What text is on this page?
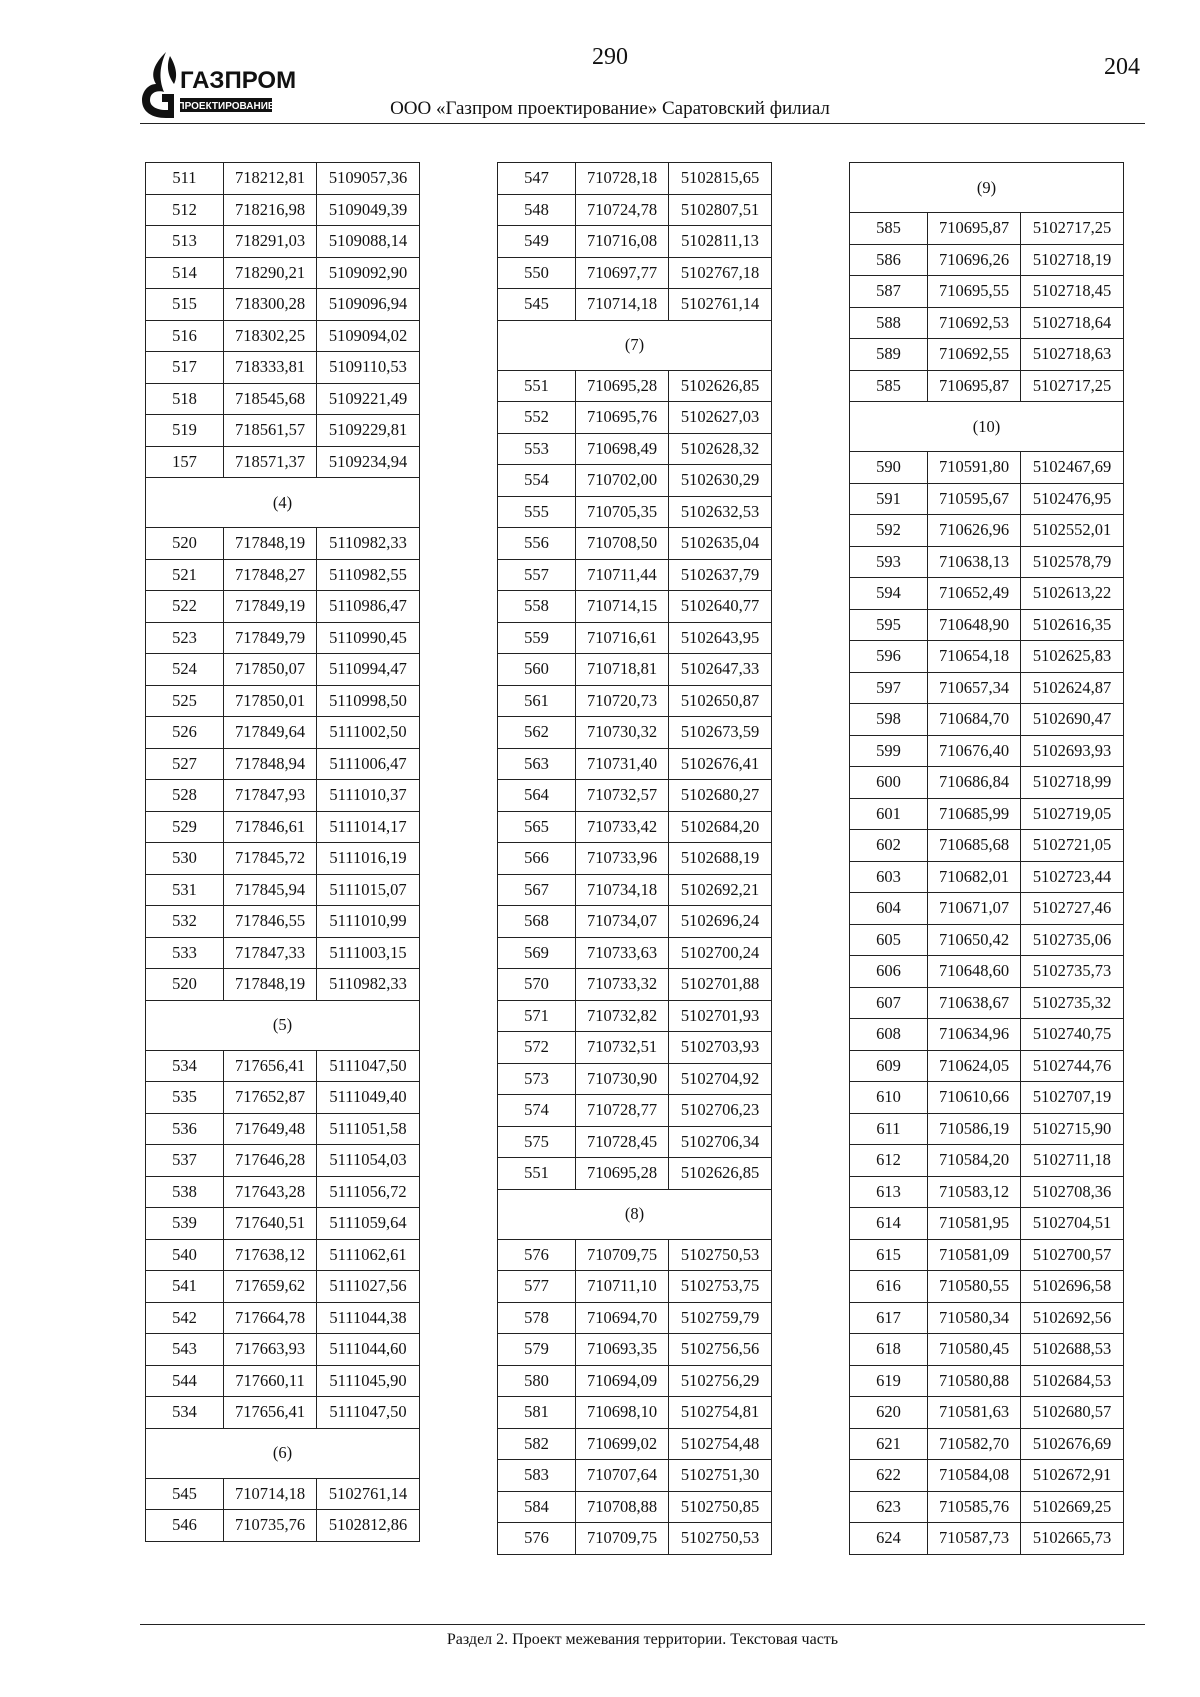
ГАЗПРОМ
ПРОЕКТИРОВАНИЕ
290	204
ООО «Газпром проектирование» Саратовский филиал
511	718212,81	5109057,36
512	718216,98	5109049,39
513	718291,03	5109088,14
514	718290,21	5109092,90
515	718300,28	5109096,94
516	718302,25	5109094,02
517	718333,81	5109110,53
518	718545,68	5109221,49
519	718561,57	5109229,81
157	718571,37	5109234,94
(4)		
520	717848,19	5110982,33
521	717848,27	5110982,55
522	717849,19	5110986,47
523	717849,79	5110990,45
524	717850,07	5110994,47
525	717850,01	5110998,50
526	717849,64	5111002,50
527	717848,94	5111006,47
528	717847,93	5111010,37
529	717846,61	5111014,17
530	717845,72	5111016,19
531	717845,94	5111015,07
532	717846,55	5111010,99
533	717847,33	5111003,15
520	717848,19	5110982,33
(5)		
534	717656,41	5111047,50
535	717652,87	5111049,40
536	717649,48	5111051,58
537	717646,28	5111054,03
538	717643,28	5111056,72
539	717640,51	5111059,64
540	717638,12	5111062,61
541	717659,62	5111027,56
542	717664,78	5111044,38
543	717663,93	5111044,60
544	717660,11	5111045,90
534	717656,41	5111047,50
(6)		
545	710714,18	5102761,14
546	710735,76	5102812,86
547	710728,18	5102815,65
548	710724,78	5102807,51
549	710716,08	5102811,13
550	710697,77	5102767,18
545	710714,18	5102761,14
(7)		
551	710695,28	5102626,85
552	710695,76	5102627,03
553	710698,49	5102628,32
554	710702,00	5102630,29
555	710705,35	5102632,53
556	710708,50	5102635,04
557	710711,44	5102637,79
558	710714,15	5102640,77
559	710716,61	5102643,95
560	710718,81	5102647,33
561	710720,73	5102650,87
562	710730,32	5102673,59
563	710731,40	5102676,41
564	710732,57	5102680,27
565	710733,42	5102684,20
566	710733,96	5102688,19
567	710734,18	5102692,21
568	710734,07	5102696,24
569	710733,63	5102700,24
570	710733,32	5102701,88
571	710732,82	5102701,93
572	710732,51	5102703,93
573	710730,90	5102704,92
574	710728,77	5102706,23
575	710728,45	5102706,34
551	710695,28	5102626,85
(8)		
576	710709,75	5102750,53
577	710711,10	5102753,75
578	710694,70	5102759,79
579	710693,35	5102756,56
580	710694,09	5102756,29
581	710698,10	5102754,81
582	710699,02	5102754,48
583	710707,64	5102751,30
584	710708,88	5102750,85
576	710709,75	5102750,53
(9)		
585	710695,87	5102717,25
586	710696,26	5102718,19
587	710695,55	5102718,45
588	710692,53	5102718,64
589	710692,55	5102718,63
585	710695,87	5102717,25
(10)		
590	710591,80	5102467,69
591	710595,67	5102476,95
592	710626,96	5102552,01
593	710638,13	5102578,79
594	710652,49	5102613,22
595	710648,90	5102616,35
596	710654,18	5102625,83
597	710657,34	5102624,87
598	710684,70	5102690,47
599	710676,40	5102693,93
600	710686,84	5102718,99
601	710685,99	5102719,05
602	710685,68	5102721,05
603	710682,01	5102723,44
604	710671,07	5102727,46
605	710650,42	5102735,06
606	710648,60	5102735,73
607	710638,67	5102735,32
608	710634,96	5102740,75
609	710624,05	5102744,76
610	710610,66	5102707,19
611	710586,19	5102715,90
612	710584,20	5102711,18
613	710583,12	5102708,36
614	710581,95	5102704,51
615	710581,09	5102700,57
616	710580,55	5102696,58
617	710580,34	5102692,56
618	710580,45	5102688,53
619	710580,88	5102684,53
620	710581,63	5102680,57
621	710582,70	5102676,69
622	710584,08	5102672,91
623	710585,76	5102669,25
624	710587,73	5102665,73
Раздел 2. Проект межевания территории. Текстовая часть
